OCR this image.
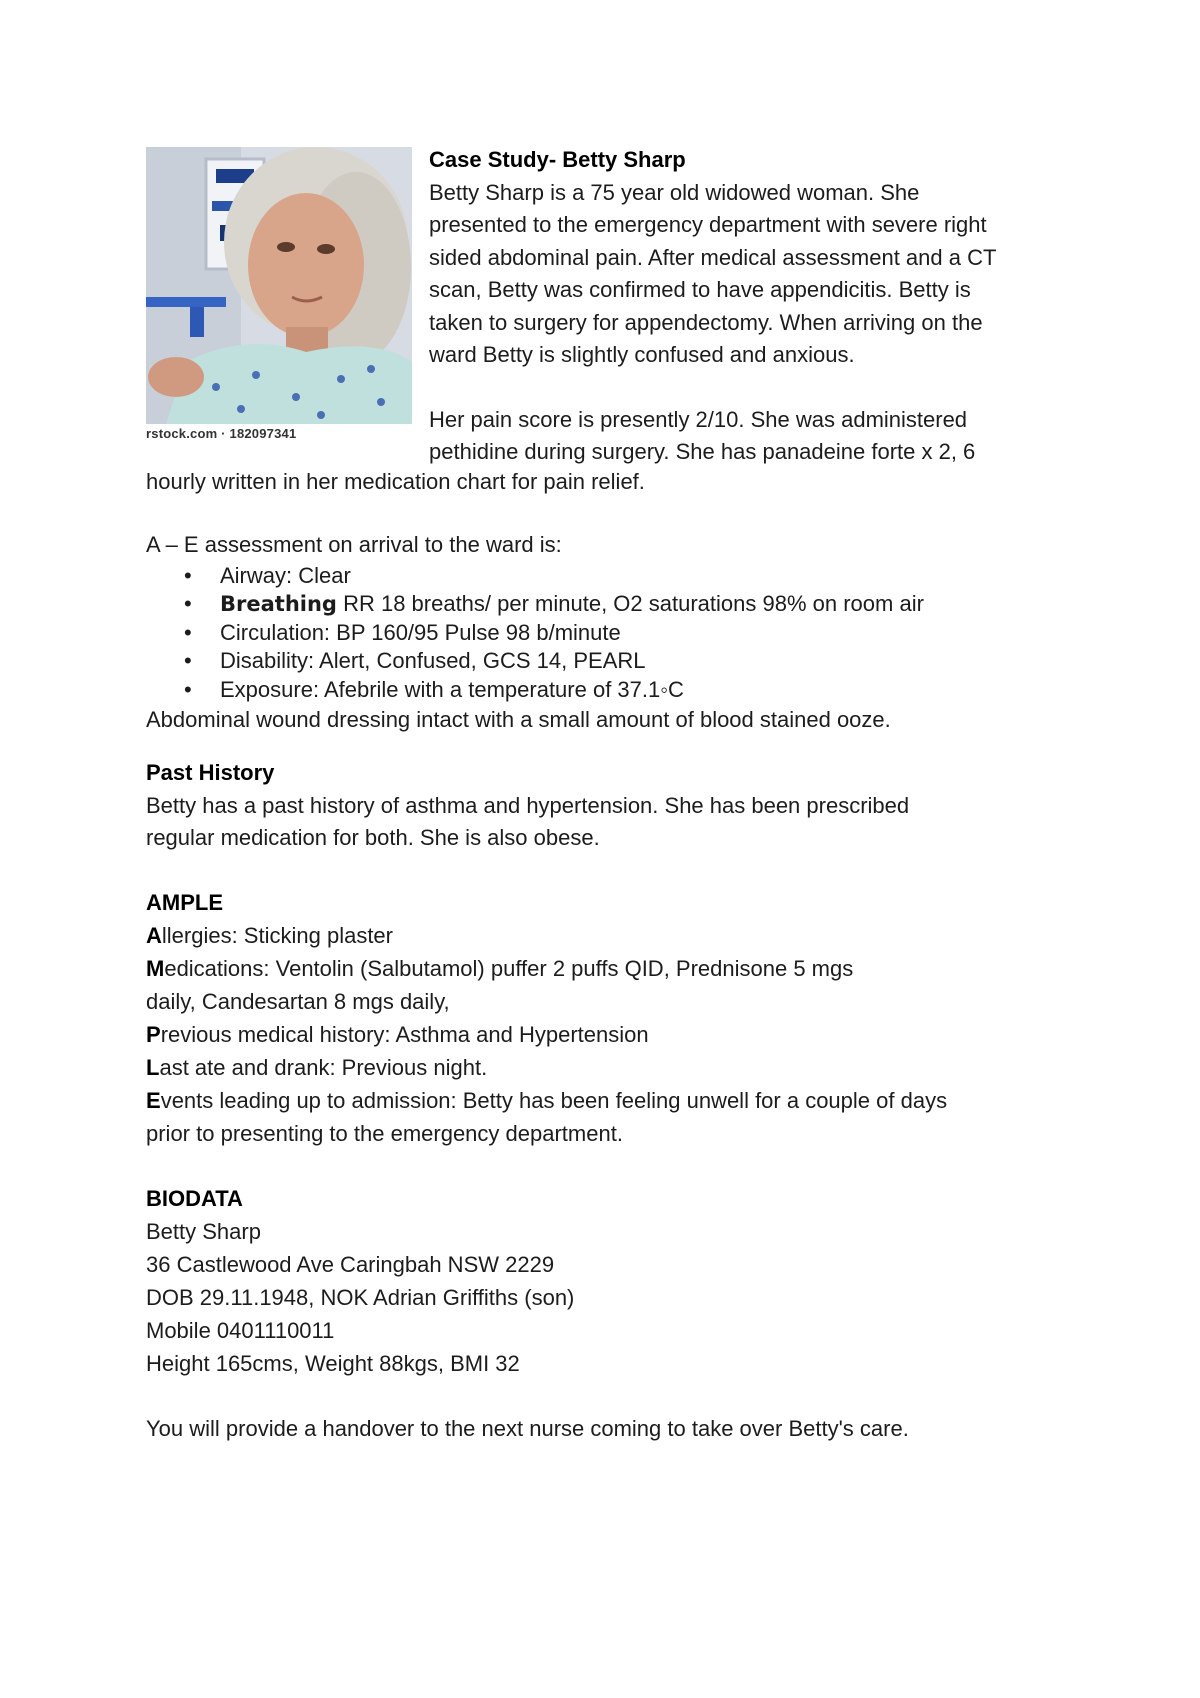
rstock.com · 182097341
Case Study- Betty Sharp
Betty Sharp is a 75 year old widowed woman. She
presented to the emergency department with severe right
sided abdominal pain. After medical assessment and a CT
scan, Betty was confirmed to have appendicitis. Betty is
taken to surgery for appendectomy. When arriving on the
ward Betty is slightly confused and anxious.
Her pain score is presently 2/10. She was administered
pethidine during surgery. She has panadeine forte x 2, 6
hourly written in her medication chart for pain relief.
A – E assessment on arrival to the ward is:
• Airway: Clear
• Breathing RR 18 breaths/ per minute, O2 saturations 98% on room air
• Circulation: BP 160/95 Pulse 98 b/minute
• Disability: Alert, Confused, GCS 14, PEARL
• Exposure: Afebrile with a temperature of 37.1◦C
Abdominal wound dressing intact with a small amount of blood stained ooze.
Past History
Betty has a past history of asthma and hypertension. She has been prescribed
regular medication for both. She is also obese.
AMPLE
Allergies: Sticking plaster
Medications: Ventolin (Salbutamol) puffer 2 puffs QID, Prednisone 5 mgs
daily, Candesartan 8 mgs daily,
Previous medical history: Asthma and Hypertension
Last ate and drank: Previous night.
Events leading up to admission: Betty has been feeling unwell for a couple of days
prior to presenting to the emergency department.
BIODATA
Betty Sharp
36 Castlewood Ave Caringbah NSW 2229
DOB 29.11.1948, NOK Adrian Griffiths (son)
Mobile 0401110011
Height 165cms, Weight 88kgs, BMI 32
You will provide a handover to the next nurse coming to take over Betty's care.
